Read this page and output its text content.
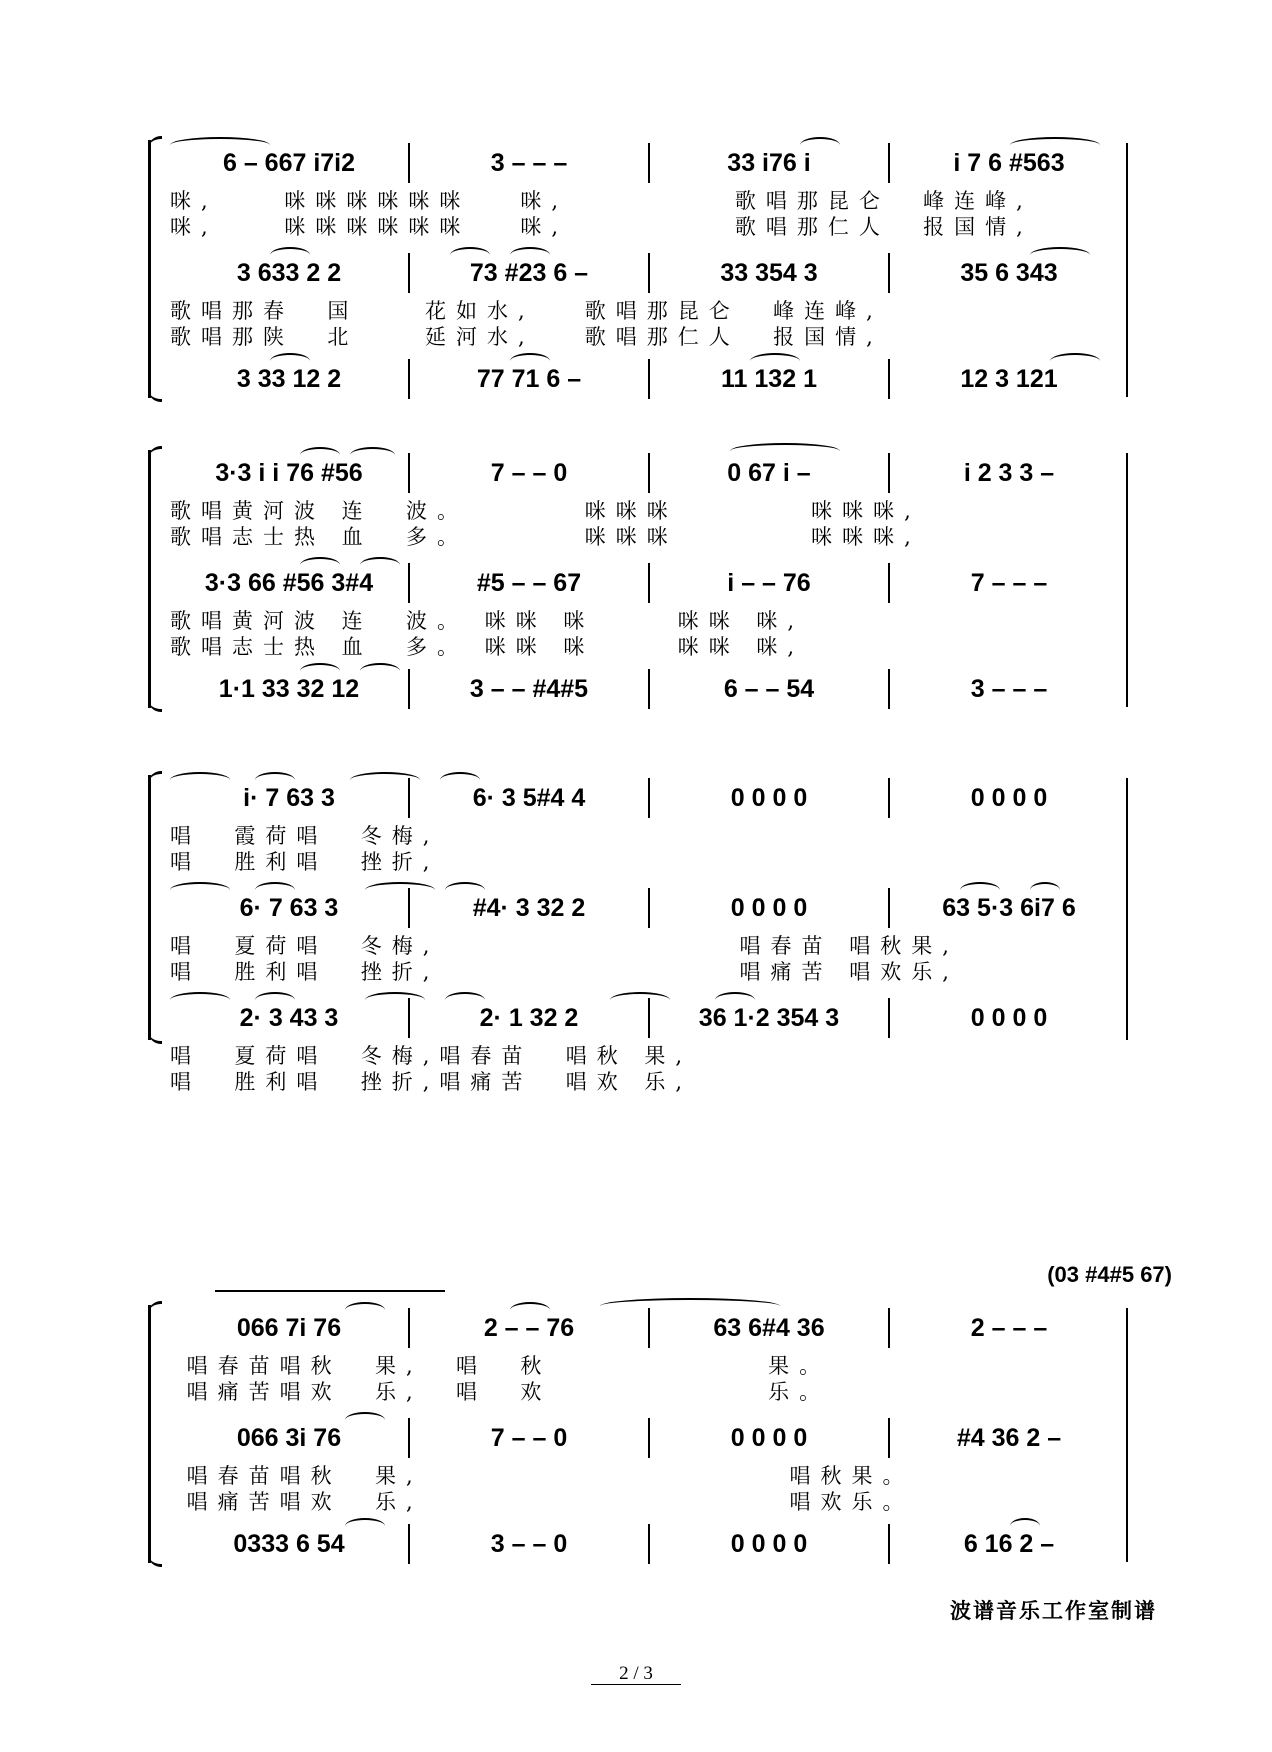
6 – 667 i7i2	3 – – –	33 i76 i	i 7 6 #563
咪,    咪咪咪咪咪咪   咪,          歌唱那昆仑  峰连峰,
咪,    咪咪咪咪咪咪   咪,          歌唱那仁人  报国情,
3 633 2 2	73 #23 6 –	33 354 3	35 6 343
歌唱那春  国    花如水,   歌唱那昆仑  峰连峰,
歌唱那陕  北    延河水,   歌唱那仁人  报国情,
3 33 12 2	77 71 6 –	11 132 1	12 3 121
3·3 i i 76 #56	7 – – 0	0 67 i –	i 2 3 3 –
歌唱黄河波 连  波。       咪咪咪        咪咪咪,
歌唱志士热 血  多。       咪咪咪        咪咪咪,
3·3 66 #56 3#4	#5 – – 67	i – – 76	7 – – –
歌唱黄河波 连  波。 咪咪 咪     咪咪 咪,
歌唱志士热 血  多。 咪咪 咪     咪咪 咪,
1·1 33 32 12	3 – – #4#5	6 – – 54	3 – – –
i· 7 63 3	6· 3 5#4 4	0 0 0 0	0 0 0 0
唱  霞荷唱  冬梅,
唱  胜利唱  挫折,
6· 7 63 3	#4· 3 32 2	0 0 0 0	63 5·3 6i7 6
唱  夏荷唱  冬梅,                  唱春苗 唱秋果,
唱  胜利唱  挫折,                  唱痛苦 唱欢乐,
2· 3 43 3	2· 1 32 2	36 1·2 354 3	0 0 0 0
唱  夏荷唱  冬梅,唱春苗  唱秋 果,
唱  胜利唱  挫折,唱痛苦  唱欢 乐,
(03 #4#5 67)
066 7i 76	2 – – 76	63 6#4 36	2 – – –
唱春苗唱秋  果,  唱  秋             果。
唱痛苦唱欢  乐,  唱  欢             乐。
066 3i 76	7 – – 0	0 0 0 0	#4 36 2 –
唱春苗唱秋  果,                      唱秋果。
唱痛苦唱欢  乐,                      唱欢乐。
0333 6 54	3 – – 0	0 0 0 0	6 16 2 –
波谱音乐工作室制谱
2 / 3
